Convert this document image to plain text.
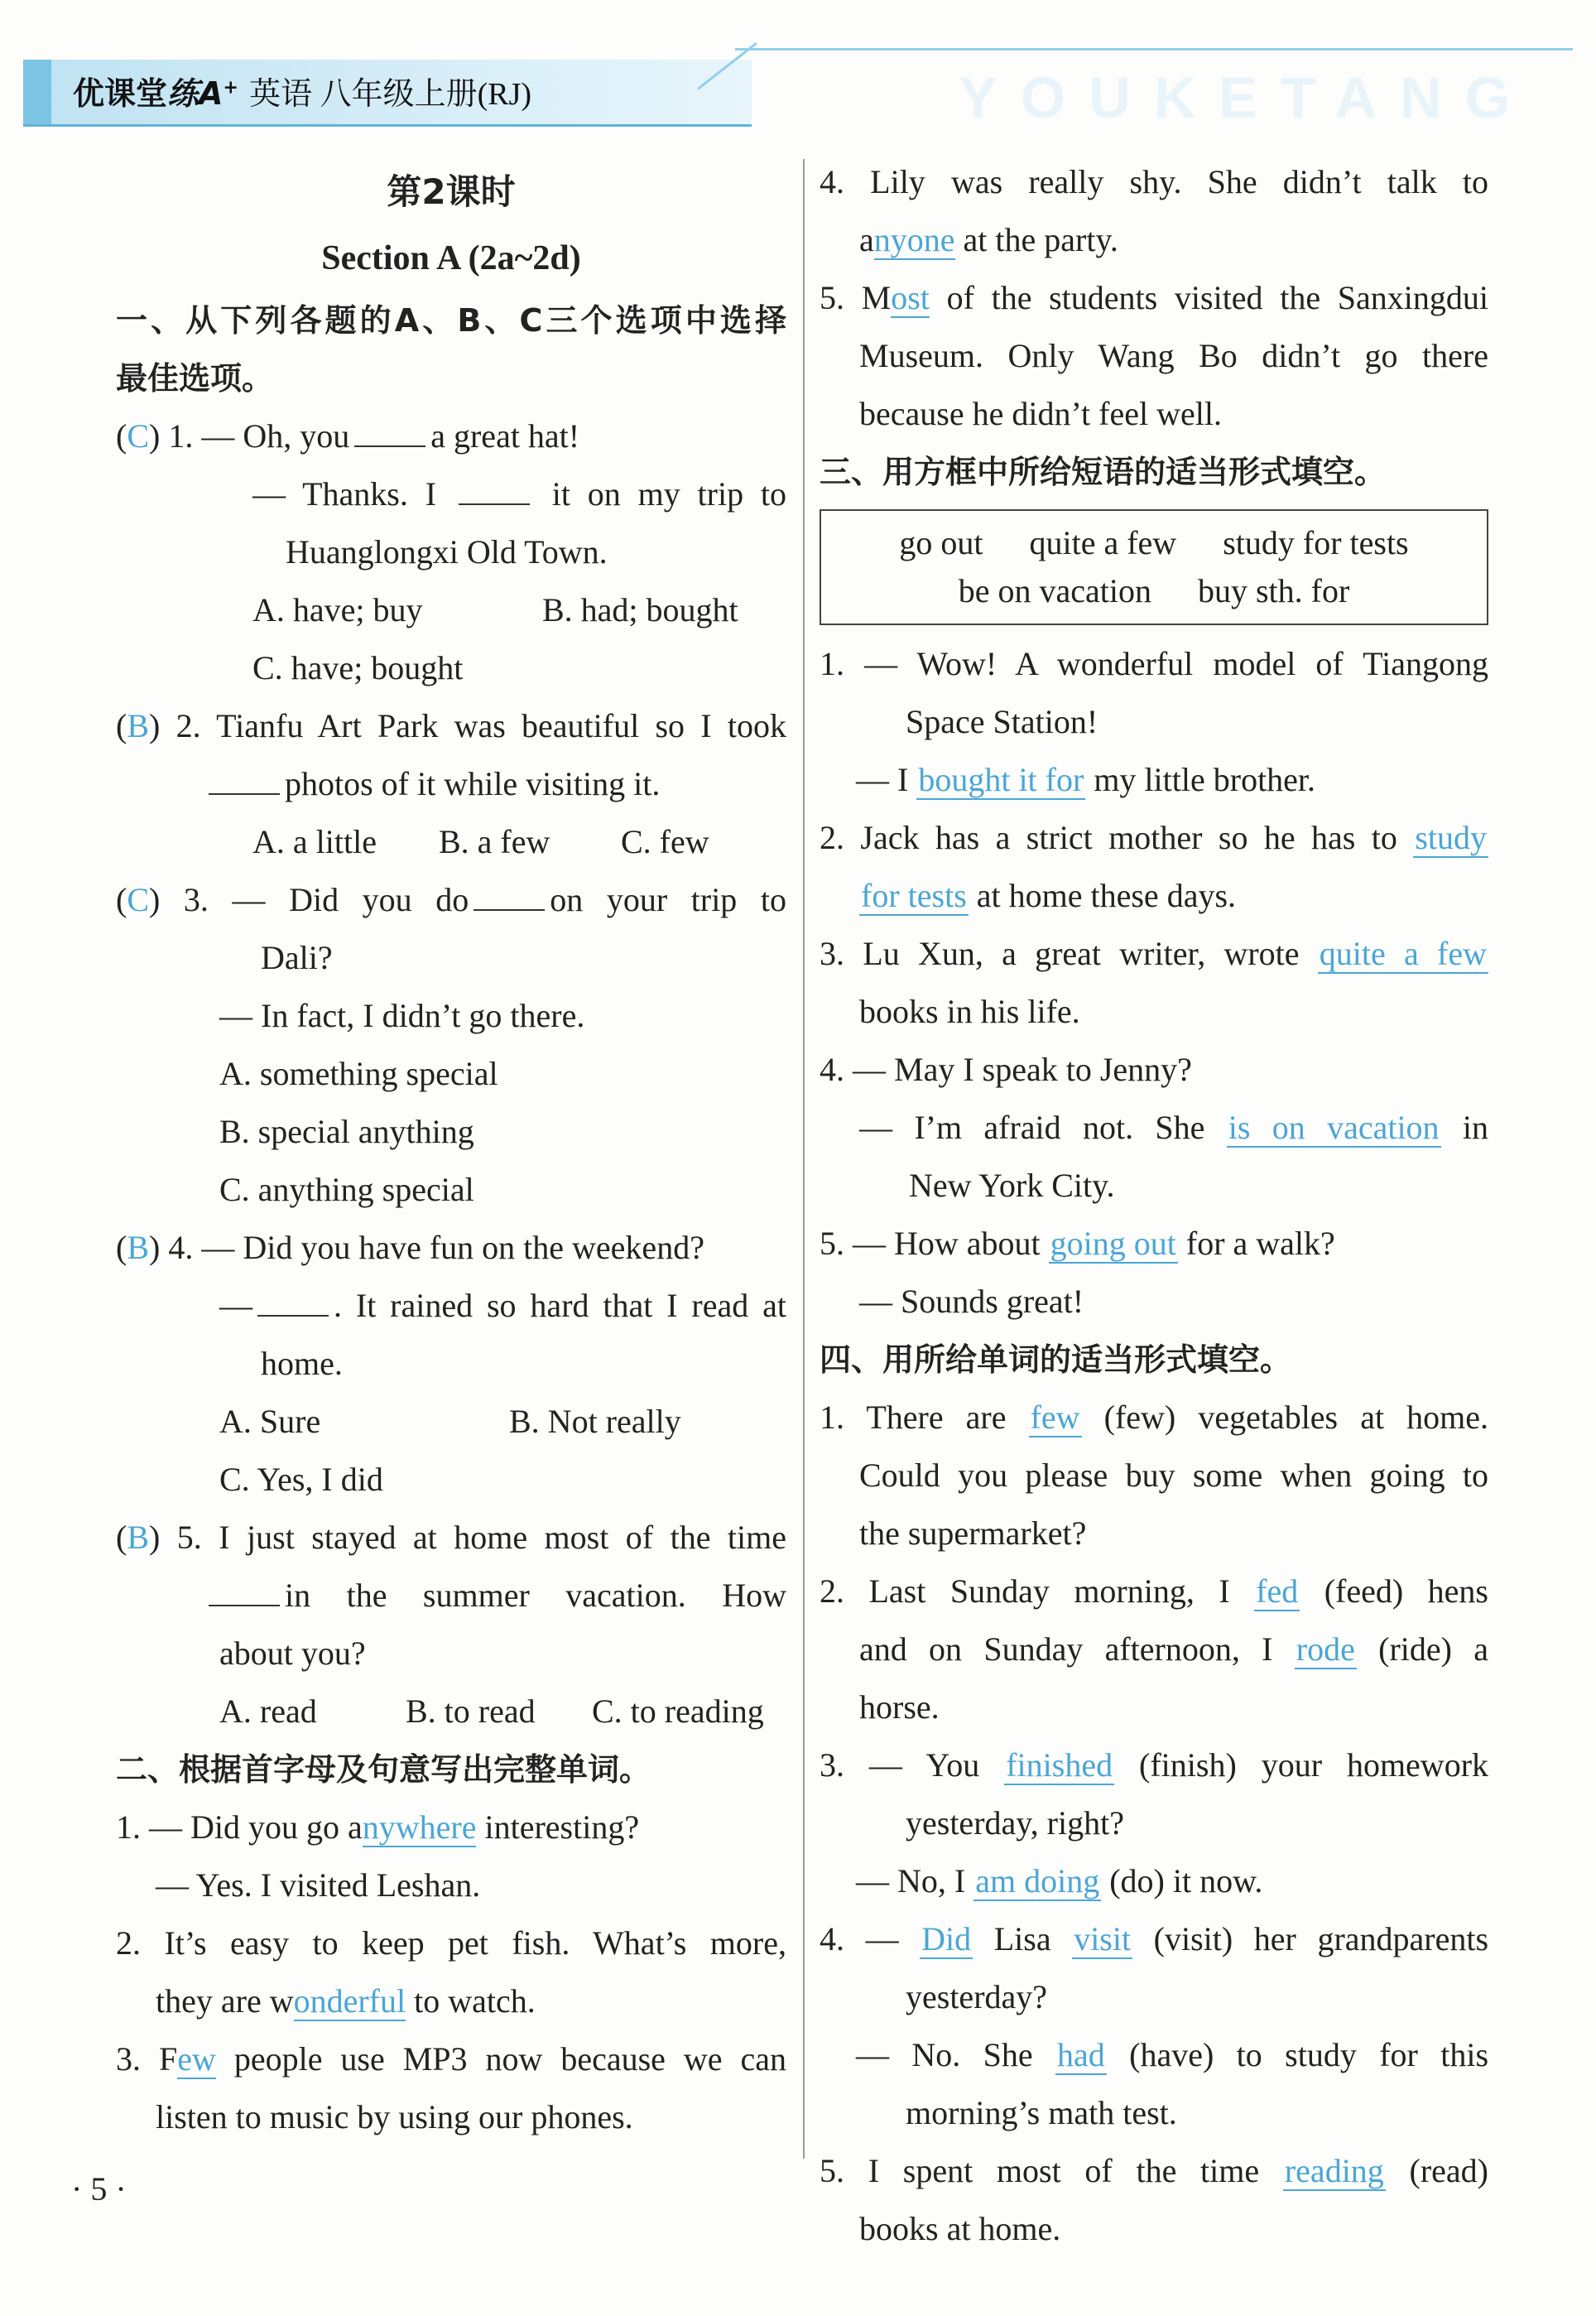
优课堂练A+ 英语 八年级上册(RJ)	YOUKETANG
第2课时
Section A (2a~2d)
一、从下列各题的A、B、C三个选项中选择
最佳选项。
(C) 1. — Oh, you a great hat!
— Thanks. I	it on my trip to
Huanglongxi Old Town.
A. have; buy	B. had; bought
C. have; bought
(B) 2. Tianfu Art Park was beautiful so I took
photos of it while visiting it.
A. a little B. a few C. few
(C) 3. — Did you do on your trip to
Dali?
— In fact, I didn’t go there.
A. something special
B. special anything
C. anything special
(B) 4. — Did you have fun on the weekend?
— . It rained so hard that I read at
home.
A. Sure	B. Not really
C. Yes, I did
(B) 5. I just stayed at home most of the time
in the summer vacation. How
about you?
A. read	B. to read C. to reading
二、根据首字母及句意写出完整单词。
1. — Did you go anywhere interesting?
— Yes. I visited Leshan.
2. It’s easy to keep pet fish. What’s more,
they are wonderful to watch.
3. Few people use MP3 now because we can
listen to music by using our phones.
4. Lily was really shy. She didn’t talk to
anyone at the party.
5. Most of the students visited the Sanxingdui
Museum. Only Wang Bo didn’t go there
because he didn’t feel well.
三、用方框中所给短语的适当形式填空。
go out quite a few study for tests
be on vacation buy sth. for
1. — Wow! A wonderful model of Tiangong
Space Station!
— I bought it for my little brother.
2. Jack has a strict mother so he has to study
for tests at home these days.
3. Lu Xun, a great writer, wrote quite a few
books in his life.
4. — May I speak to Jenny?
— I’m afraid not. She is on vacation in
New York City.
5. — How about going out for a walk?
— Sounds great!
四、用所给单词的适当形式填空。
1. There are few (few) vegetables at home.
Could you please buy some when going to
the supermarket?
2. Last Sunday morning, I fed (feed) hens
and on Sunday afternoon, I rode (ride) a
horse.
3. — You finished (finish) your homework
yesterday, right?
— No, I am doing (do) it now.
4. — Did Lisa visit (visit) her grandparents
yesterday?
— No. She had (have) to study for this
morning’s math test.
5. I spent most of the time reading (read)
books at home.
· 5 ·
